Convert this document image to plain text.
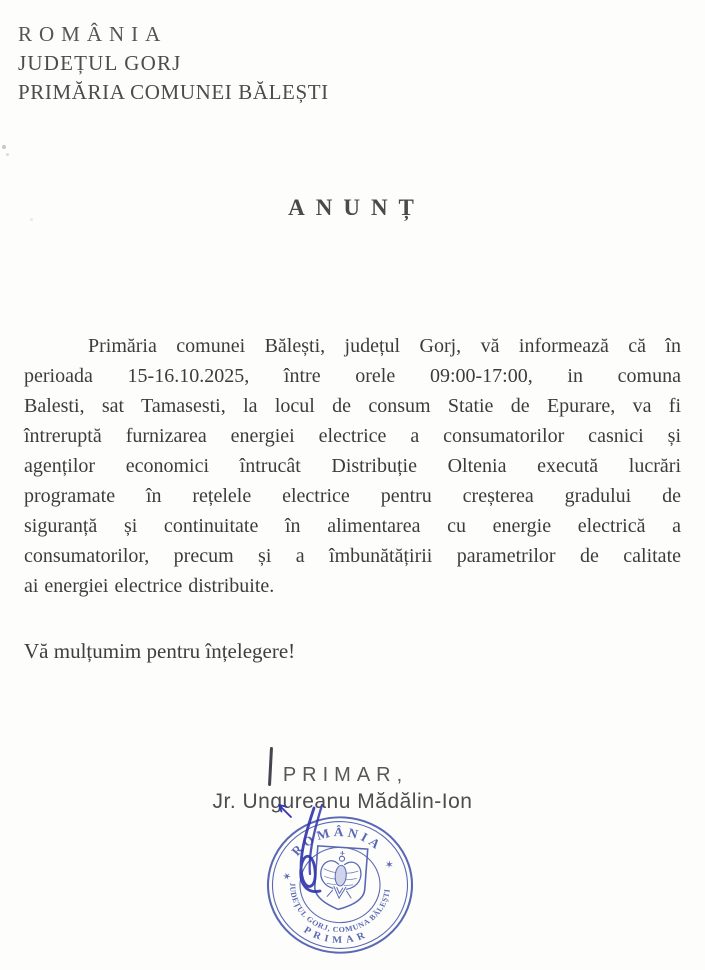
ROMÂNIA
JUDEȚUL GORJ
PRIMĂRIA COMUNEI BĂLEȘTI
ANUNȚ

Primăria comunei Bălești, județul Gorj, vă informează că în

perioada 15-16.10.2025, între orele 09:00-17:00, in comuna

Balesti, sat Tamasesti, la locul de consum Statie de Epurare, va fi

întreruptă furnizarea energiei electrice a consumatorilor casnici și

agenților economici întrucât Distribuție Oltenia execută lucrări

programate în rețelele electrice pentru creșterea gradului de

siguranță și continuitate în alimentarea cu energie electrică a

consumatorilor, precum și a îmbunătățirii parametrilor de calitate

ai energiei electrice distribuite.

Vă mulțumim pentru înțelegere!

PRIMAR,
Jr. Ungureanu Mădălin-Ion
ROMÂNIA
✶
✶
JUDEȚUL GORJ, COMUNA BĂLEȘTI
PRIMAR
